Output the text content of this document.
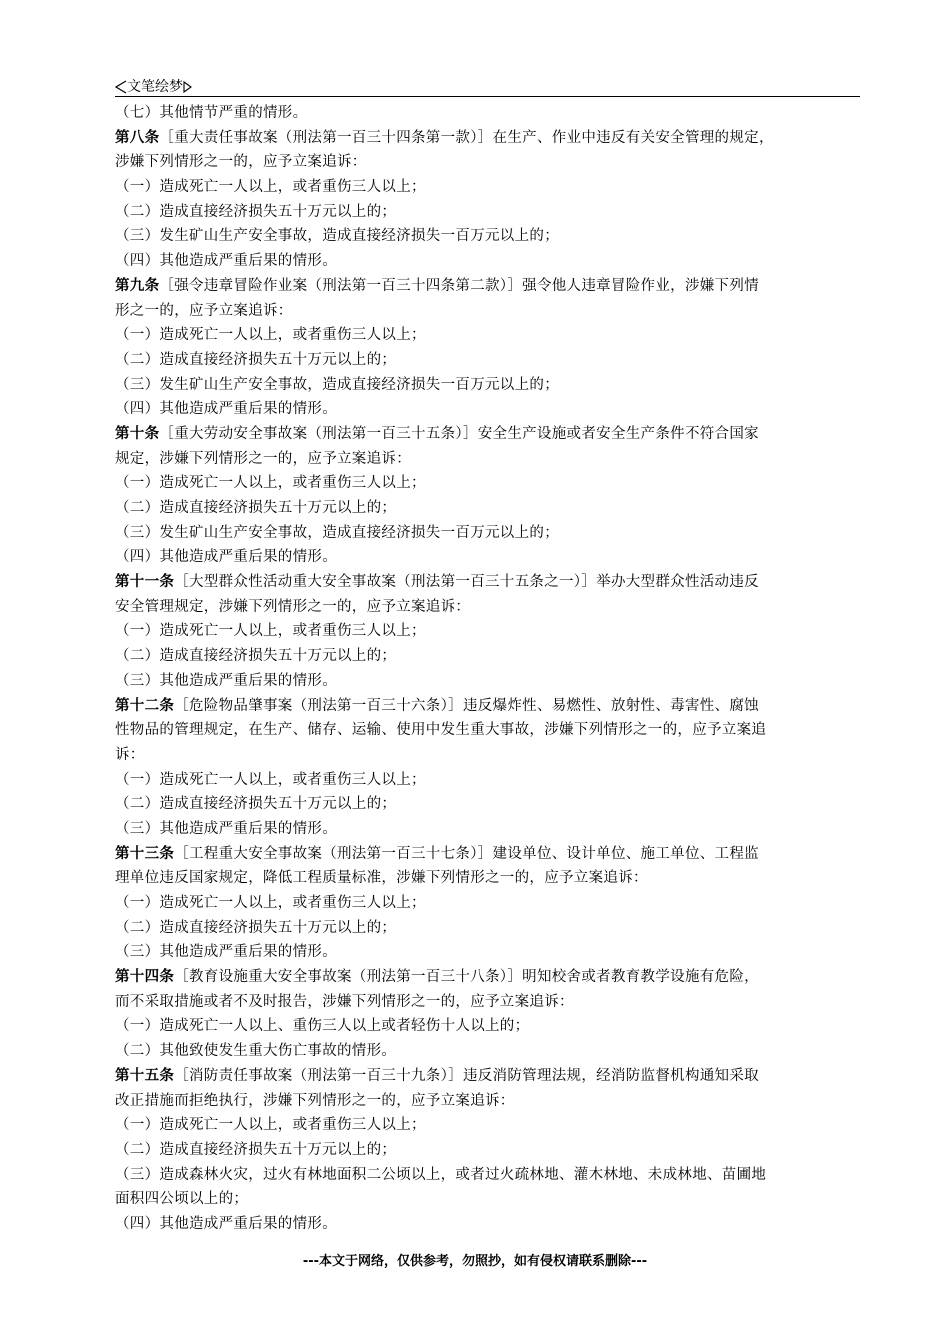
文笔绘梦
（七）其他情节严重的情形。
第八条［重大责任事故案（刑法第一百三十四条第一款）］在生产、作业中违反有关安全管理的规定，
涉嫌下列情形之一的，应予立案追诉：
（一）造成死亡一人以上，或者重伤三人以上；
（二）造成直接经济损失五十万元以上的；
（三）发生矿山生产安全事故，造成直接经济损失一百万元以上的；
（四）其他造成严重后果的情形。
第九条［强令违章冒险作业案（刑法第一百三十四条第二款）］强令他人违章冒险作业，涉嫌下列情
形之一的，应予立案追诉：
（一）造成死亡一人以上，或者重伤三人以上；
（二）造成直接经济损失五十万元以上的；
（三）发生矿山生产安全事故，造成直接经济损失一百万元以上的；
（四）其他造成严重后果的情形。
第十条［重大劳动安全事故案（刑法第一百三十五条）］安全生产设施或者安全生产条件不符合国家
规定，涉嫌下列情形之一的，应予立案追诉：
（一）造成死亡一人以上，或者重伤三人以上；
（二）造成直接经济损失五十万元以上的；
（三）发生矿山生产安全事故，造成直接经济损失一百万元以上的；
（四）其他造成严重后果的情形。
第十一条［大型群众性活动重大安全事故案（刑法第一百三十五条之一）］举办大型群众性活动违反
安全管理规定，涉嫌下列情形之一的，应予立案追诉：
（一）造成死亡一人以上，或者重伤三人以上；
（二）造成直接经济损失五十万元以上的；
（三）其他造成严重后果的情形。
第十二条［危险物品肇事案（刑法第一百三十六条）］违反爆炸性、易燃性、放射性、毒害性、腐蚀
性物品的管理规定，在生产、储存、运输、使用中发生重大事故，涉嫌下列情形之一的，应予立案追
诉：
（一）造成死亡一人以上，或者重伤三人以上；
（二）造成直接经济损失五十万元以上的；
（三）其他造成严重后果的情形。
第十三条［工程重大安全事故案（刑法第一百三十七条）］建设单位、设计单位、施工单位、工程监
理单位违反国家规定，降低工程质量标准，涉嫌下列情形之一的，应予立案追诉：
（一）造成死亡一人以上，或者重伤三人以上；
（二）造成直接经济损失五十万元以上的；
（三）其他造成严重后果的情形。
第十四条［教育设施重大安全事故案（刑法第一百三十八条）］明知校舍或者教育教学设施有危险，
而不采取措施或者不及时报告，涉嫌下列情形之一的，应予立案追诉：
（一）造成死亡一人以上、重伤三人以上或者轻伤十人以上的；
（二）其他致使发生重大伤亡事故的情形。
第十五条［消防责任事故案（刑法第一百三十九条）］违反消防管理法规，经消防监督机构通知采取
改正措施而拒绝执行，涉嫌下列情形之一的，应予立案追诉：
（一）造成死亡一人以上，或者重伤三人以上；
（二）造成直接经济损失五十万元以上的；
（三）造成森林火灾，过火有林地面积二公顷以上，或者过火疏林地、灌木林地、未成林地、苗圃地
面积四公顷以上的；
（四）其他造成严重后果的情形。
---本文于网络，仅供参考，勿照抄，如有侵权请联系删除---
